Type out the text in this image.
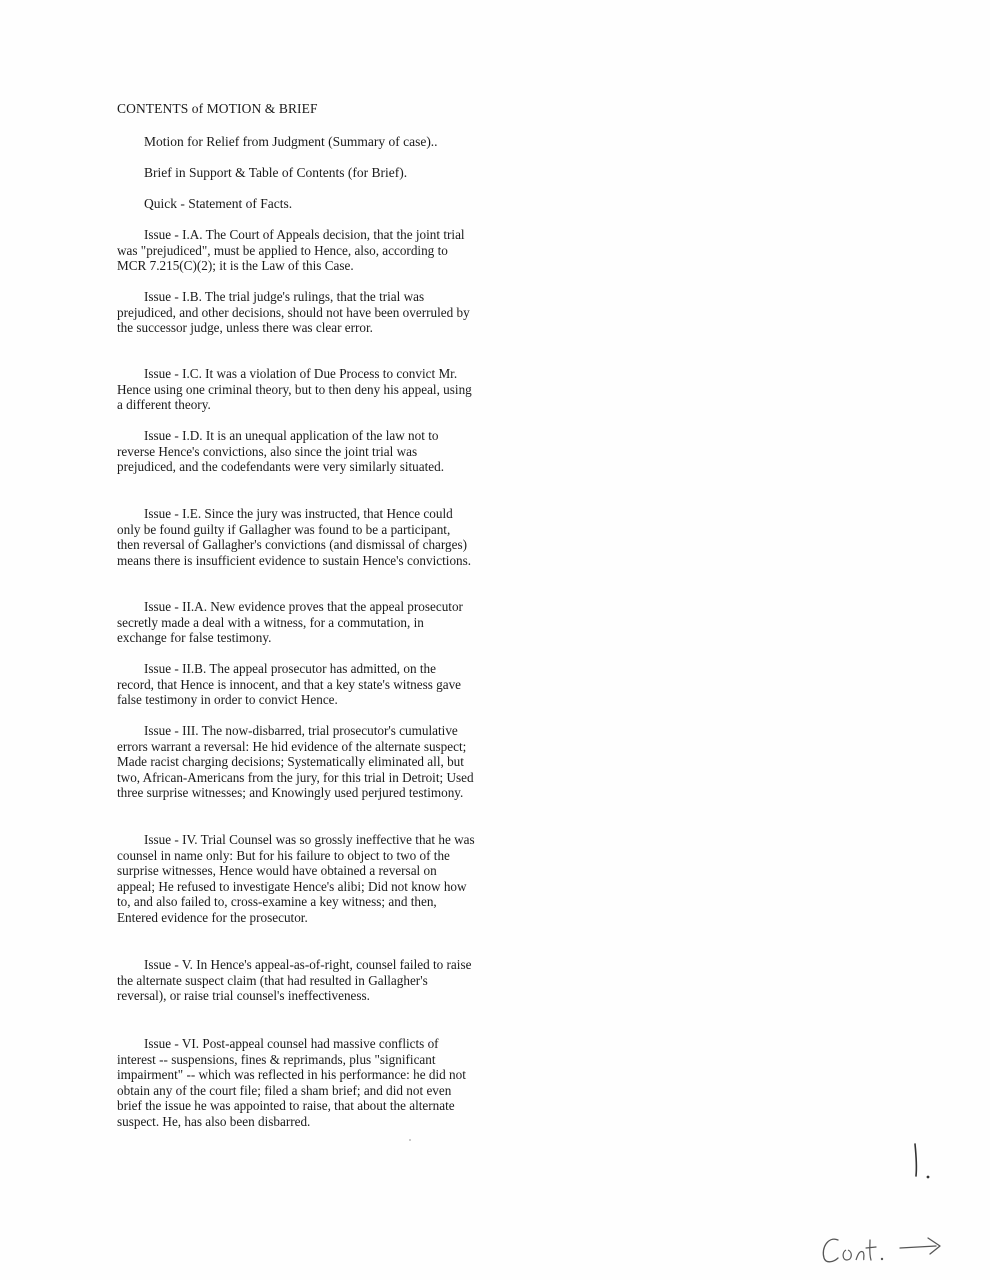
CONTENTS of MOTION & BRIEF
Motion for Relief from Judgment (Summary of case)..
Brief in Support & Table of Contents (for Brief).
Quick - Statement of Facts.
Issue - I.A. The Court of Appeals decision, that the joint trial was "prejudiced", must be applied to Hence, also, according to MCR 7.215(C)(2); it is the Law of this Case.
Issue - I.B. The trial judge's rulings, that the trial was prejudiced, and other decisions, should not have been overruled by the successor judge, unless there was clear error.
Issue - I.C. It was a violation of Due Process to convict Mr. Hence using one criminal theory, but to then deny his appeal, using a different theory.
Issue - I.D. It is an unequal application of the law not to reverse Hence's convictions, also since the joint trial was prejudiced, and the codefendants were very similarly situated.
Issue - I.E. Since the jury was instructed, that Hence could only be found guilty if Gallagher was found to be a participant, then reversal of Gallagher's convictions (and dismissal of charges) means there is insufficient evidence to sustain Hence's convictions.
Issue - II.A. New evidence proves that the appeal prosecutor secretly made a deal with a witness, for a commutation, in exchange for false testimony.
Issue - II.B. The appeal prosecutor has admitted, on the record, that Hence is innocent, and that a key state's witness gave false testimony in order to convict Hence.
Issue - III. The now-disbarred, trial prosecutor's cumulative errors warrant a reversal: He hid evidence of the alternate suspect; Made racist charging decisions; Systematically eliminated all, but two, African-Americans from the jury, for this trial in Detroit; Used three surprise witnesses; and Knowingly used perjured testimony.
Issue - IV. Trial Counsel was so grossly ineffective that he was counsel in name only: But for his failure to object to two of the surprise witnesses, Hence would have obtained a reversal on appeal; He refused to investigate Hence's alibi; Did not know how to, and also failed to, cross-examine a key witness; and then, Entered evidence for the prosecutor.
Issue - V. In Hence's appeal-as-of-right, counsel failed to raise the alternate suspect claim (that had resulted in Gallagher's reversal), or raise trial counsel's ineffectiveness.
Issue - VI. Post-appeal counsel had massive conflicts of interest -- suspensions, fines & reprimands, plus "significant impairment" -- which was reflected in his performance: he did not obtain any of the court file; filed a sham brief; and did not even brief the issue he was appointed to raise, that about the alternate suspect. He, has also been disbarred.
